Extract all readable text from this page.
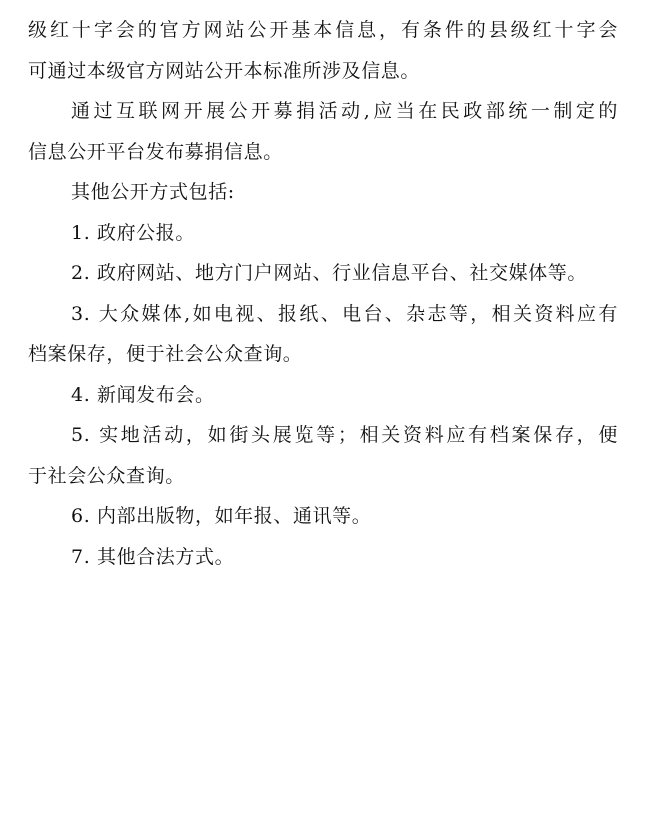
级红十字会的官方网站公开基本信息，有条件的县级红十字会
可通过本级官方网站公开本标准所涉及信息。
通过互联网开展公开募捐活动,应当在民政部统一制定的
信息公开平台发布募捐信息。
其他公开方式包括:
1. 政府公报。
2. 政府网站、地方门户网站、行业信息平台、社交媒体等。
3. 大众媒体,如电视、报纸、电台、杂志等，相关资料应有
档案保存，便于社会公众查询。
4. 新闻发布会。
5. 实地活动，如街头展览等；相关资料应有档案保存，便
于社会公众查询。
6. 内部出版物，如年报、通讯等。
7. 其他合法方式。
